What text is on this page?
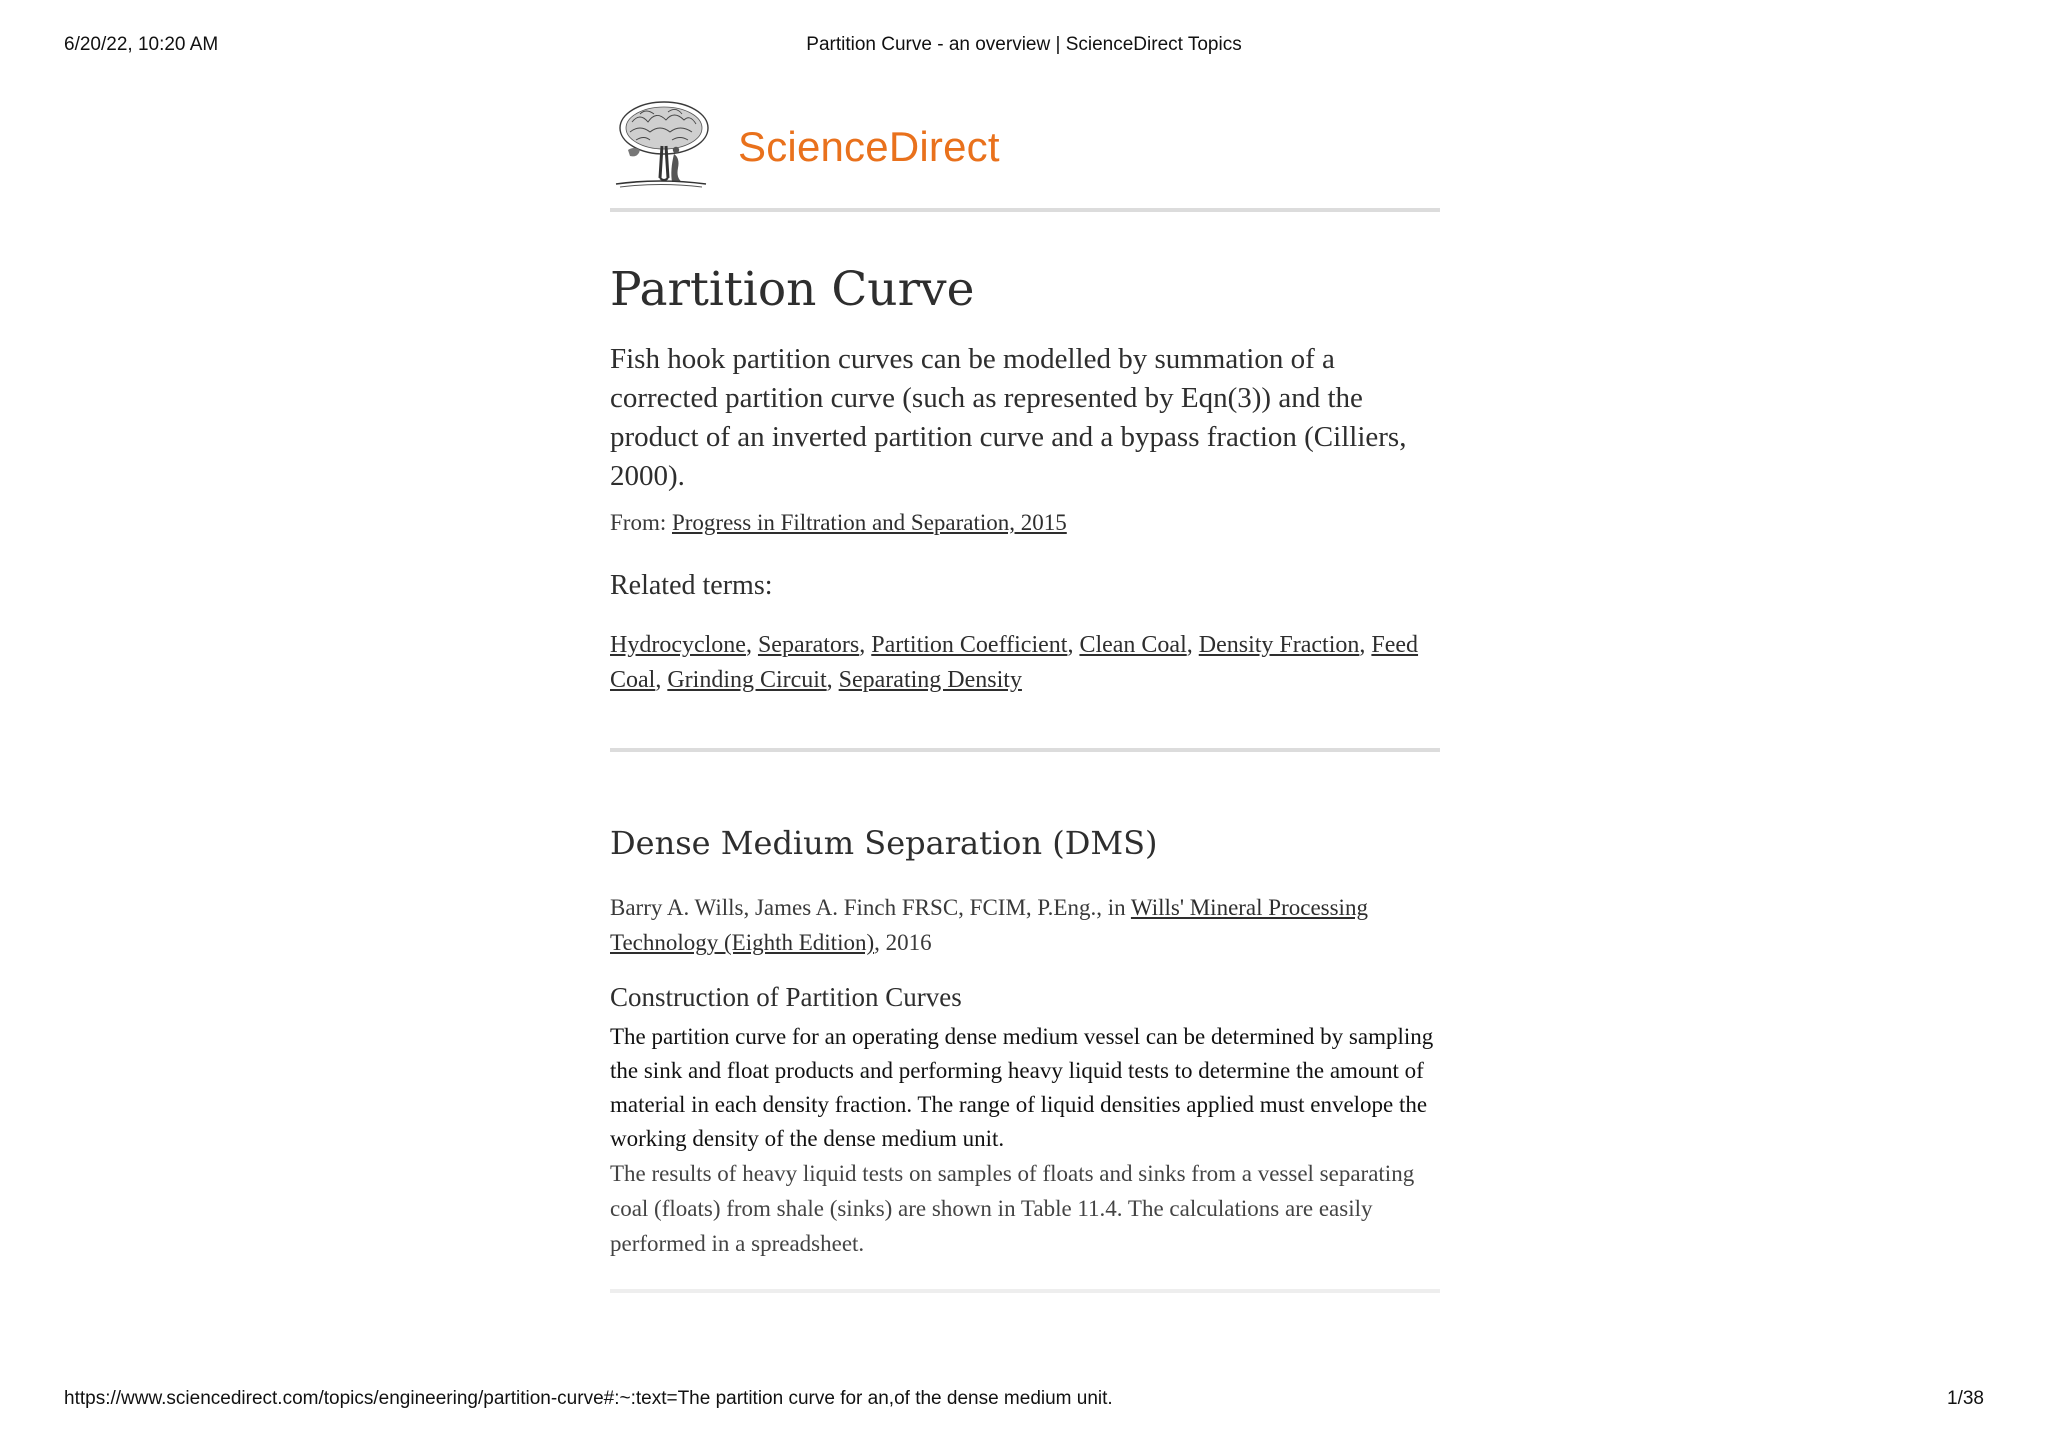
6/20/22, 10:20 AM	Partition Curve - an overview | ScienceDirect Topics
ScienceDirect
Partition Curve

Fish hook partition curves can be modelled by summation of a corrected partition curve (such as represented by Eqn(3)) and the product of an inverted partition curve and a bypass fraction (Cilliers, 2000).

From: Progress in Filtration and Separation, 2015
Related terms:
Hydrocyclone, Separators, Partition Coefficient, Clean Coal, Density Fraction, Feed Coal, Grinding Circuit, Separating Density
Dense Medium Separation (DMS)
Barry A. Wills, James A. Finch FRSC, FCIM, P.Eng., in Wills' Mineral Processing Technology (Eighth Edition), 2016
Construction of Partition Curves
The partition curve for an operating dense medium vessel can be determined by sampling the sink and float products and performing heavy liquid tests to determine the amount of material in each density fraction. The range of liquid densities applied must envelope the working density of the dense medium unit.
The results of heavy liquid tests on samples of floats and sinks from a vessel separating coal (floats) from shale (sinks) are shown in Table 11.4. The calculations are easily performed in a spreadsheet.
https://www.sciencedirect.com/topics/engineering/partition-curve#:~:text=The partition curve for an,of the dense medium unit.	1/38
